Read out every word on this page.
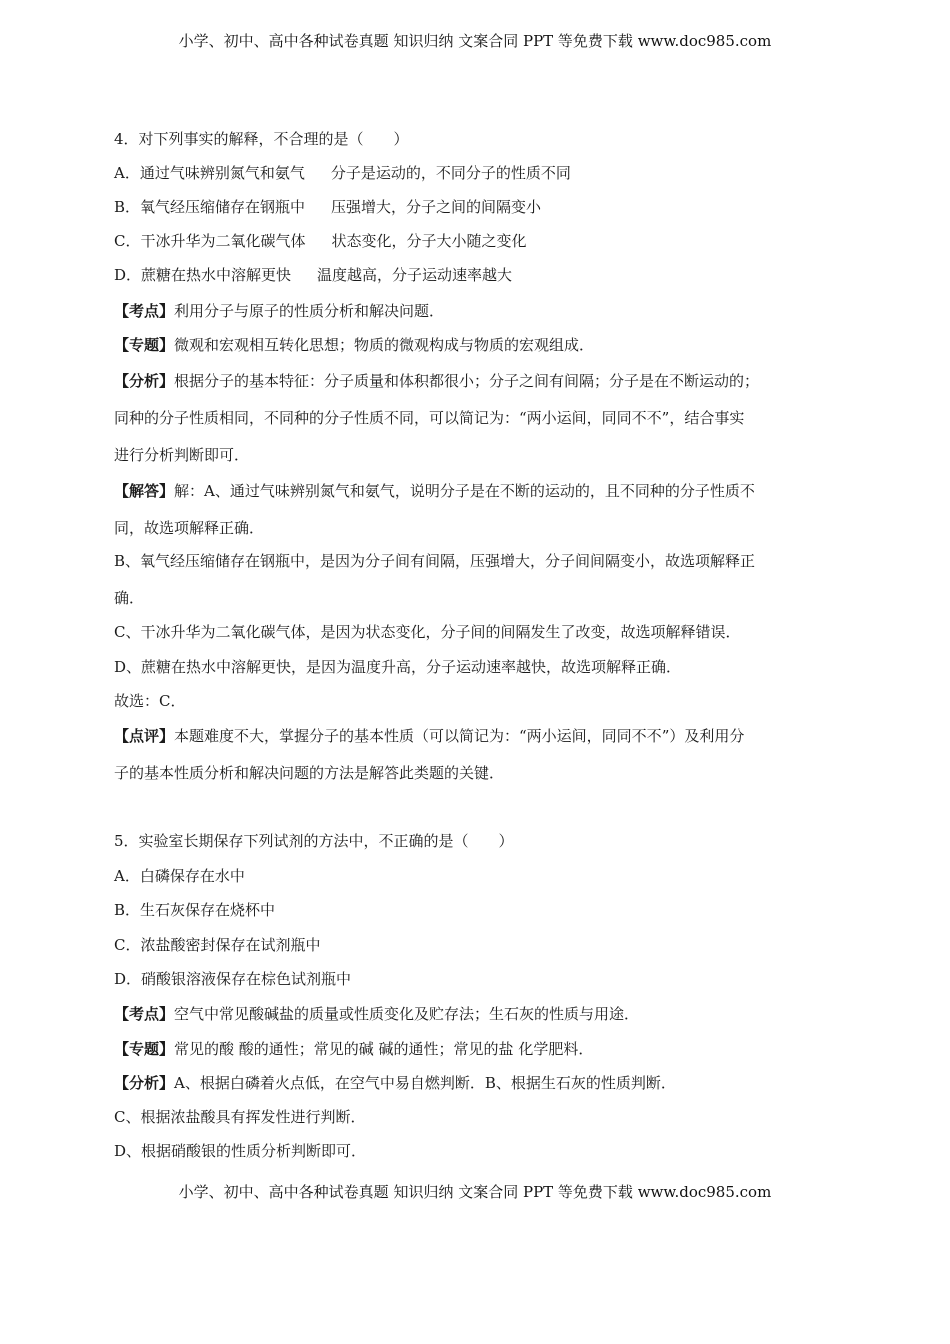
小学、初中、高中各种试卷真题 知识归纳 文案合同 PPT 等免费下载 www.doc985.com
4．对下列事实的解释，不合理的是（　　）
A．通过气味辨别氮气和氨气 分子是运动的，不同分子的性质不同
B．氧气经压缩储存在钢瓶中 压强增大，分子之间的间隔变小
C．干冰升华为二氧化碳气体 状态变化，分子大小随之变化
D．蔗糖在热水中溶解更快 温度越高，分子运动速率越大
【考点】利用分子与原子的性质分析和解决问题．
【专题】微观和宏观相互转化思想；物质的微观构成与物质的宏观组成．
【分析】根据分子的基本特征：分子质量和体积都很小；分子之间有间隔；分子是在不断运动的；
同种的分子性质相同，不同种的分子性质不同，可以简记为：“两小运间，同同不不”，结合事实
进行分析判断即可．
【解答】解：A、通过气味辨别氮气和氨气，说明分子是在不断的运动的，且不同种的分子性质不
同，故选项解释正确．
B、氧气经压缩储存在钢瓶中，是因为分子间有间隔，压强增大，分子间间隔变小，故选项解释正
确．
C、干冰升华为二氧化碳气体，是因为状态变化，分子间的间隔发生了改变，故选项解释错误．
D、蔗糖在热水中溶解更快，是因为温度升高，分子运动速率越快，故选项解释正确．
故选：C．
【点评】本题难度不大，掌握分子的基本性质（可以简记为：“两小运间，同同不不”）及利用分
子的基本性质分析和解决问题的方法是解答此类题的关键．
5．实验室长期保存下列试剂的方法中，不正确的是（　　）
A．白磷保存在水中
B．生石灰保存在烧杯中
C．浓盐酸密封保存在试剂瓶中
D．硝酸银溶液保存在棕色试剂瓶中
【考点】空气中常见酸碱盐的质量或性质变化及贮存法；生石灰的性质与用途．
【专题】常见的酸 酸的通性；常见的碱 碱的通性；常见的盐 化学肥料．
【分析】A、根据白磷着火点低，在空气中易自燃判断．B、根据生石灰的性质判断．
C、根据浓盐酸具有挥发性进行判断．
D、根据硝酸银的性质分析判断即可．
小学、初中、高中各种试卷真题 知识归纳 文案合同 PPT 等免费下载 www.doc985.com
